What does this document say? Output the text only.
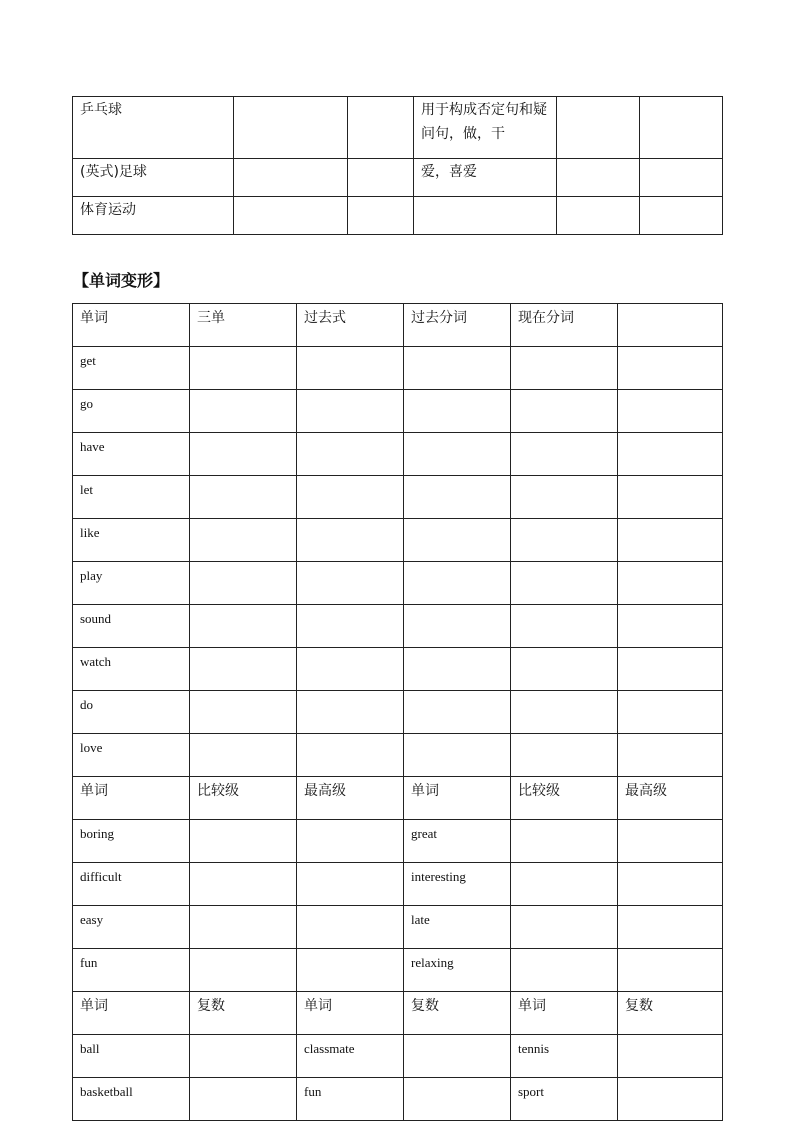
乒乓球			用于构成否定句和疑问句，做，干		
(英式)足球			爱，喜爱		
体育运动					
【单词变形】
单词	三单	过去式	过去分词	现在分词	
get					
go					
have					
let					
like					
play					
sound					
watch					
do					
love					
单词	比较级	最高级	单词	比较级	最高级
boring			great		
difficult			interesting		
easy			late		
fun			relaxing		
单词	复数	单词	复数	单词	复数
ball		classmate		tennis	
basketball		fun		sport	
